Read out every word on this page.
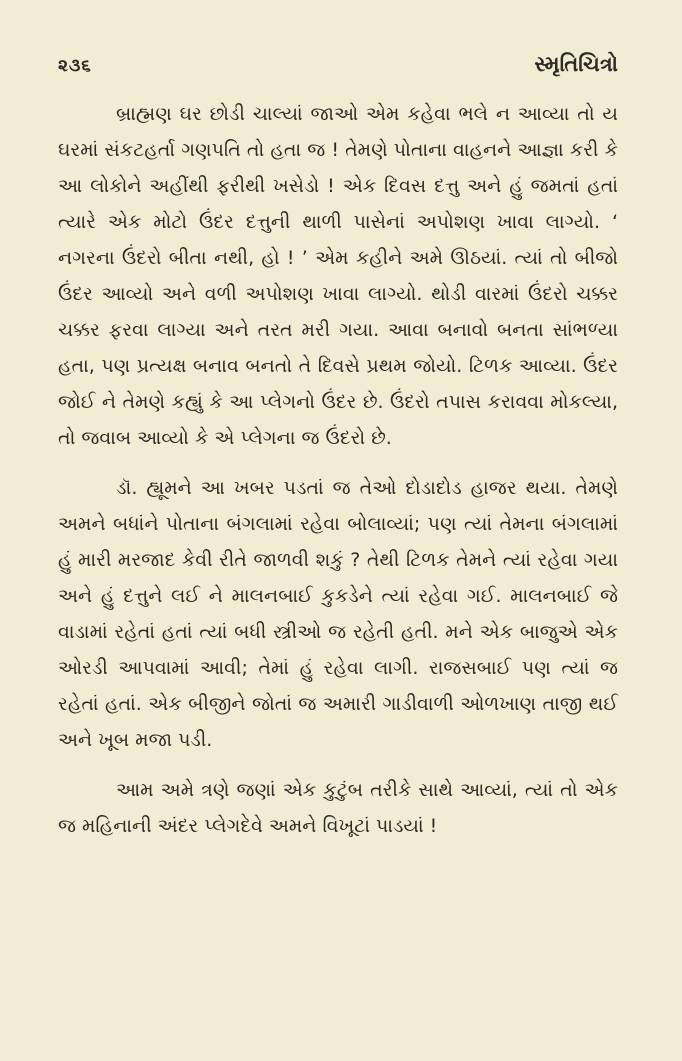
૨૩૬	સ્મૃતિચિત્રો

બ્રાહ્મણ ઘર છોડી ચાલ્યાં જાઓ એમ કહેવા ભલે ન આવ્યા તો ય ઘરમાં સંકટહર્તા ગણપતિ તો હતા જ ! તેમણે પોતાના વાહનને આજ્ઞા કરી કે આ લોકોને અહીંથી ફરીથી ખસેડો ! એક દિવસ દત્તુ અને હું જમતાં હતાં ત્યારે એક મોટો ઉંદર દત્તુની થાળી પાસેનાં અપોશણ ખાવા લાગ્યો. ‘ નગરના ઉંદરો બીતા નથી, હો ! ’ એમ કહીને અમે ઊઠયાં. ત્યાં તો બીજો ઉંદર આવ્યો અને વળી અપોશણ ખાવા લાગ્યો. થોડી વારમાં ઉંદરો ચક્કર ચક્કર ફરવા લાગ્યા અને તરત મરી ગયા. આવા બનાવો બનતા સાંભળ્યા હતા, પણ પ્રત્યક્ષ બનાવ બનતો તે દિવસે પ્રથમ જોયો. ટિળક આવ્યા. ઉંદર જોઈ ને તેમણે કહ્યું કે આ પ્લેગનો ઉંદર છે. ઉંદરો તપાસ કરાવવા મોકલ્યા, તો જવાબ આવ્યો કે એ પ્લેગના જ ઉંદરો છે.

ડૉ. હ્યૂમને આ ખબર પડતાં જ તેઓ દોડાદોડ હાજર થયા. તેમણે અમને બધાંને પોતાના બંગલામાં રહેવા બોલાવ્યાં; પણ ત્યાં તેમના બંગલામાં હું મારી મરજાદ કેવી રીતે જાળવી શકું ? તેથી ટિળક તેમને ત્યાં રહેવા ગયા અને હું દત્તુને લઈ ને માલનબાઈ કુકડેને ત્યાં રહેવા ગઈ. માલનબાઈ જે વાડામાં રહેતાં હતાં ત્યાં બધી સ્ત્રીઓ જ રહેતી હતી. મને એક બાજુએ એક ઓરડી આપવામાં આવી; તેમાં હું રહેવા લાગી. રાજસબાઈ પણ ત્યાં જ રહેતાં હતાં. એક બીજીને જોતાં જ અમારી ગાડીવાળી ઓળખાણ તાજી થઈ અને ખૂબ મજા પડી.

આમ અમે ત્રણે જણાં એક કુટુંબ તરીકે સાથે આવ્યાં, ત્યાં તો એક જ મહિનાની અંદર પ્લેગદેવે અમને વિખૂટાં પાડયાં !
